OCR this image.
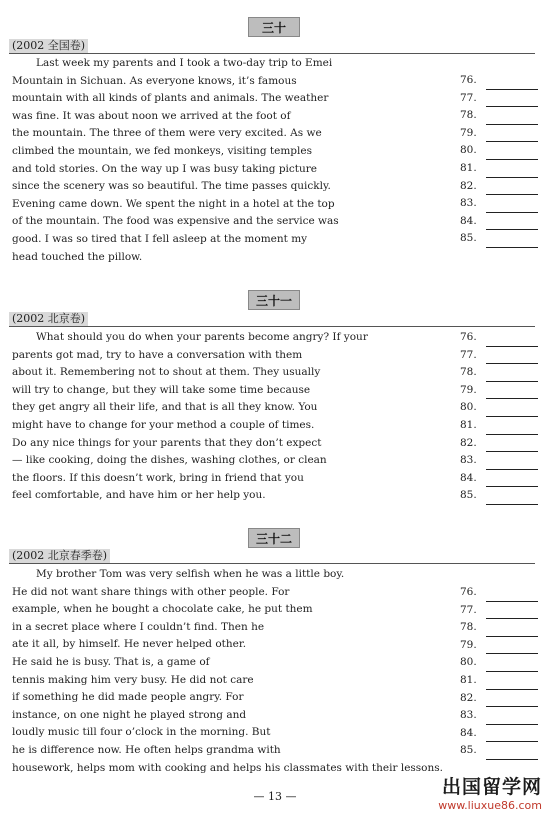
三十
(2002 全国卷)
Last week my parents and I took a two-day trip to Emei
Mountain in Sichuan. As everyone knows, it’s famous
mountain with all kinds of plants and animals. The weather
was fine. It was about noon we arrived at the foot of
the mountain. The three of them were very excited. As we
climbed the mountain, we fed monkeys, visiting temples
and told stories. On the way up I was busy taking picture
since the scenery was so beautiful. The time passes quickly.
Evening came down. We spent the night in a hotel at the top
of the mountain. The food was expensive and the service was
good. I was so tired that I fell asleep at the moment my
head touched the pillow.
76.
77.
78.
79.
80.
81.
82.
83.
84.
85.
三十一
(2002 北京卷)
What should you do when your parents become angry? If your
parents got mad, try to have a conversation with them
about it. Remembering not to shout at them. They usually
will try to change, but they will take some time because
they get angry all their life, and that is all they know. You
might have to change for your method a couple of times.
Do any nice things for your parents that they don’t expect
— like cooking, doing the dishes, washing clothes, or clean
the floors. If this doesn’t work, bring in friend that you
feel comfortable, and have him or her help you.
76.
77.
78.
79.
80.
81.
82.
83.
84.
85.
三十二
(2002 北京春季卷)
My brother Tom was very selfish when he was a little boy.
He did not want share things with other people. For
example, when he bought a chocolate cake, he put them
in a secret place where I couldn’t find. Then he
ate it all, by himself. He never helped other.
He said he is busy. That is, a game of
tennis making him very busy. He did not care
if something he did made people angry. For
instance, on one night he played strong and
loudly music till four o’clock in the morning. But
he is difference now. He often helps grandma with
housework, helps mom with cooking and helps his classmates with their lessons.
76.
77.
78.
79.
80.
81.
82.
83.
84.
85.
— 13 —	出国留学网
www.liuxue86.com
